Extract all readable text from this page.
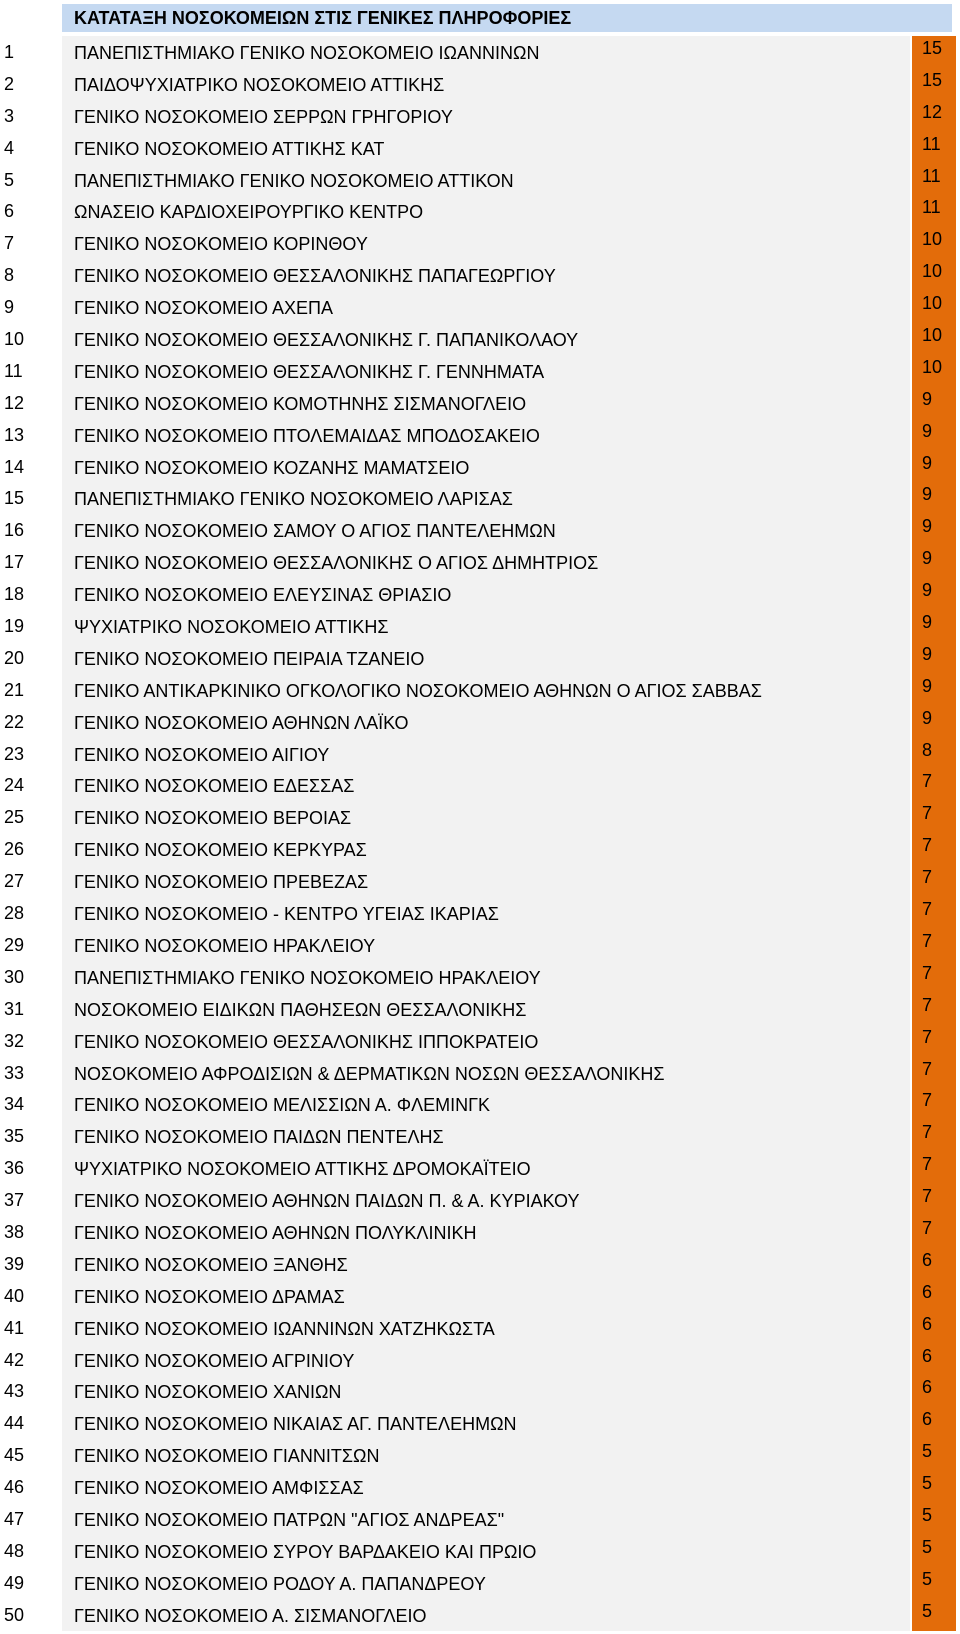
ΚΑΤΑΤΑΞΗ ΝΟΣΟΚΟΜΕΙΩΝ ΣΤΙΣ ΓΕΝΙΚΕΣ ΠΛΗΡΟΦΟΡΙΕΣ
1	ΠΑΝΕΠΙΣΤΗΜΙΑΚΟ ΓΕΝΙΚΟ ΝΟΣΟΚΟΜΕΙΟ ΙΩΑΝΝΙΝΩΝ	15
2	ΠΑΙΔΟΨΥΧΙΑΤΡΙΚΟ ΝΟΣΟΚΟΜΕΙΟ ΑΤΤΙΚΗΣ	15
3	ΓΕΝΙΚΟ ΝΟΣΟΚΟΜΕΙΟ ΣΕΡΡΩΝ ΓΡΗΓΟΡΙΟΥ	12
4	ΓΕΝΙΚΟ ΝΟΣΟΚΟΜΕΙΟ ΑΤΤΙΚΗΣ ΚΑΤ	11
5	ΠΑΝΕΠΙΣΤΗΜΙΑΚΟ ΓΕΝΙΚΟ ΝΟΣΟΚΟΜΕΙΟ ΑΤΤΙΚΟΝ	11
6	ΩΝΑΣΕΙΟ ΚΑΡΔΙΟΧΕΙΡΟΥΡΓΙΚΟ ΚΕΝΤΡΟ	11
7	ΓΕΝΙΚΟ ΝΟΣΟΚΟΜΕΙΟ ΚΟΡΙΝΘΟΥ	10
8	ΓΕΝΙΚΟ ΝΟΣΟΚΟΜΕΙΟ ΘΕΣΣΑΛΟΝΙΚΗΣ ΠΑΠΑΓΕΩΡΓΙΟΥ	10
9	ΓΕΝΙΚΟ ΝΟΣΟΚΟΜΕΙΟ ΑΧΕΠΑ	10
10	ΓΕΝΙΚΟ ΝΟΣΟΚΟΜΕΙΟ ΘΕΣΣΑΛΟΝΙΚΗΣ Γ. ΠΑΠΑΝΙΚΟΛΑΟΥ	10
11	ΓΕΝΙΚΟ ΝΟΣΟΚΟΜΕΙΟ ΘΕΣΣΑΛΟΝΙΚΗΣ Γ. ΓΕΝΝΗΜΑΤΑ	10
12	ΓΕΝΙΚΟ ΝΟΣΟΚΟΜΕΙΟ ΚΟΜΟΤΗΝΗΣ ΣΙΣΜΑΝΟΓΛΕΙΟ	9
13	ΓΕΝΙΚΟ ΝΟΣΟΚΟΜΕΙΟ ΠΤΟΛΕΜΑΙΔΑΣ ΜΠΟΔΟΣΑΚΕΙΟ	9
14	ΓΕΝΙΚΟ ΝΟΣΟΚΟΜΕΙΟ ΚΟΖΑΝΗΣ ΜΑΜΑΤΣΕΙΟ	9
15	ΠΑΝΕΠΙΣΤΗΜΙΑΚΟ ΓΕΝΙΚΟ ΝΟΣΟΚΟΜΕΙΟ ΛΑΡΙΣΑΣ	9
16	ΓΕΝΙΚΟ ΝΟΣΟΚΟΜΕΙΟ ΣΑΜΟΥ Ο ΑΓΙΟΣ ΠΑΝΤΕΛΕΗΜΩΝ	9
17	ΓΕΝΙΚΟ ΝΟΣΟΚΟΜΕΙΟ ΘΕΣΣΑΛΟΝΙΚΗΣ Ο ΑΓΙΟΣ ΔΗΜΗΤΡΙΟΣ	9
18	ΓΕΝΙΚΟ ΝΟΣΟΚΟΜΕΙΟ ΕΛΕΥΣΙΝΑΣ ΘΡΙΑΣΙΟ	9
19	ΨΥΧΙΑΤΡΙΚΟ ΝΟΣΟΚΟΜΕΙΟ ΑΤΤΙΚΗΣ	9
20	ΓΕΝΙΚΟ ΝΟΣΟΚΟΜΕΙΟ ΠΕΙΡΑΙΑ ΤΖΑΝΕΙΟ	9
21	ΓΕΝΙΚΟ ΑΝΤΙΚΑΡΚΙΝΙΚΟ ΟΓΚΟΛΟΓΙΚΟ ΝΟΣΟΚΟΜΕΙΟ ΑΘΗΝΩΝ Ο ΑΓΙΟΣ ΣΑΒΒΑΣ	9
22	ΓΕΝΙΚΟ ΝΟΣΟΚΟΜΕΙΟ ΑΘΗΝΩΝ ΛΑΪΚΟ	9
23	ΓΕΝΙΚΟ ΝΟΣΟΚΟΜΕΙΟ ΑΙΓΙΟΥ	8
24	ΓΕΝΙΚΟ ΝΟΣΟΚΟΜΕΙΟ ΕΔΕΣΣΑΣ	7
25	ΓΕΝΙΚΟ ΝΟΣΟΚΟΜΕΙΟ ΒΕΡΟΙΑΣ	7
26	ΓΕΝΙΚΟ ΝΟΣΟΚΟΜΕΙΟ ΚΕΡΚΥΡΑΣ	7
27	ΓΕΝΙΚΟ ΝΟΣΟΚΟΜΕΙΟ ΠΡΕΒΕΖΑΣ	7
28	ΓΕΝΙΚΟ ΝΟΣΟΚΟΜΕΙΟ - ΚΕΝΤΡΟ ΥΓΕΙΑΣ ΙΚΑΡΙΑΣ	7
29	ΓΕΝΙΚΟ ΝΟΣΟΚΟΜΕΙΟ ΗΡΑΚΛΕΙΟΥ	7
30	ΠΑΝΕΠΙΣΤΗΜΙΑΚΟ ΓΕΝΙΚΟ ΝΟΣΟΚΟΜΕΙΟ ΗΡΑΚΛΕΙΟΥ	7
31	ΝΟΣΟΚΟΜΕΙΟ ΕΙΔΙΚΩΝ ΠΑΘΗΣΕΩΝ ΘΕΣΣΑΛΟΝΙΚΗΣ	7
32	ΓΕΝΙΚΟ ΝΟΣΟΚΟΜΕΙΟ ΘΕΣΣΑΛΟΝΙΚΗΣ ΙΠΠΟΚΡΑΤΕΙΟ	7
33	ΝΟΣΟΚΟΜΕΙΟ ΑΦΡΟΔΙΣΙΩΝ & ΔΕΡΜΑΤΙΚΩΝ ΝΟΣΩΝ ΘΕΣΣΑΛΟΝΙΚΗΣ	7
34	ΓΕΝΙΚΟ ΝΟΣΟΚΟΜΕΙΟ ΜΕΛΙΣΣΙΩΝ Α. ΦΛΕΜΙΝΓΚ	7
35	ΓΕΝΙΚΟ ΝΟΣΟΚΟΜΕΙΟ ΠΑΙΔΩΝ ΠΕΝΤΕΛΗΣ	7
36	ΨΥΧΙΑΤΡΙΚΟ ΝΟΣΟΚΟΜΕΙΟ ΑΤΤΙΚΗΣ ΔΡΟΜΟΚΑΪΤΕΙΟ	7
37	ΓΕΝΙΚΟ ΝΟΣΟΚΟΜΕΙΟ ΑΘΗΝΩΝ ΠΑΙΔΩΝ Π. & Α. ΚΥΡΙΑΚΟΥ	7
38	ΓΕΝΙΚΟ ΝΟΣΟΚΟΜΕΙΟ ΑΘΗΝΩΝ ΠΟΛΥΚΛΙΝΙΚΗ	7
39	ΓΕΝΙΚΟ ΝΟΣΟΚΟΜΕΙΟ ΞΑΝΘΗΣ	6
40	ΓΕΝΙΚΟ ΝΟΣΟΚΟΜΕΙΟ ΔΡΑΜΑΣ	6
41	ΓΕΝΙΚΟ ΝΟΣΟΚΟΜΕΙΟ ΙΩΑΝΝΙΝΩΝ ΧΑΤΖΗΚΩΣΤΑ	6
42	ΓΕΝΙΚΟ ΝΟΣΟΚΟΜΕΙΟ ΑΓΡΙΝΙΟΥ	6
43	ΓΕΝΙΚΟ ΝΟΣΟΚΟΜΕΙΟ ΧΑΝΙΩΝ	6
44	ΓΕΝΙΚΟ ΝΟΣΟΚΟΜΕΙΟ ΝΙΚΑΙΑΣ ΑΓ. ΠΑΝΤΕΛΕΗΜΩΝ	6
45	ΓΕΝΙΚΟ ΝΟΣΟΚΟΜΕΙΟ ΓΙΑΝΝΙΤΣΩΝ	5
46	ΓΕΝΙΚΟ ΝΟΣΟΚΟΜΕΙΟ ΑΜΦΙΣΣΑΣ	5
47	ΓΕΝΙΚΟ ΝΟΣΟΚΟΜΕΙΟ ΠΑΤΡΩΝ "ΑΓΙΟΣ ΑΝΔΡΕΑΣ"	5
48	ΓΕΝΙΚΟ ΝΟΣΟΚΟΜΕΙΟ ΣΥΡΟΥ ΒΑΡΔΑΚΕΙΟ ΚΑΙ ΠΡΩΙΟ	5
49	ΓΕΝΙΚΟ ΝΟΣΟΚΟΜΕΙΟ ΡΟΔΟΥ Α. ΠΑΠΑΝΔΡΕΟΥ	5
50	ΓΕΝΙΚΟ ΝΟΣΟΚΟΜΕΙΟ Α. ΣΙΣΜΑΝΟΓΛΕΙΟ	5
